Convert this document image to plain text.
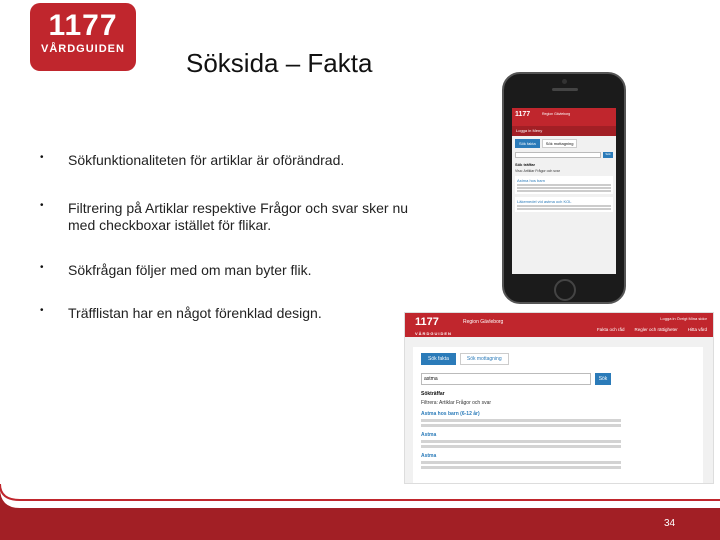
1177
VÅRDGUIDEN	Söksida – Fakta
• Sökfunktionaliteten för artiklar är oförändrad.
• Filtrering på Artiklar respektive Frågor och svar sker nu med checkboxar istället för flikar.
• Sökfrågan följer med om man byter flik.
• Träfflistan har en något förenklad design.
1177	Region Gävleborg
Logga in Meny
Sök fakta	Sök mottagning
Sök
Sök träffar
Visa: Artiklar Frågor och svar
Astma hos barn
Läkemedel vid astma och KOL
1177
VÅRDGUIDEN
Region Gävleborg
Logga in Övrigt Mina sidor
Fakta och råd Regler och rättigheter Hitta vård
Sök fakta	Sök mottagning
astma	Sök
Sökträffar
Filtrera: Artiklar Frågor och svar
Astma hos barn (6-12 år)
Astma
Astma
34
